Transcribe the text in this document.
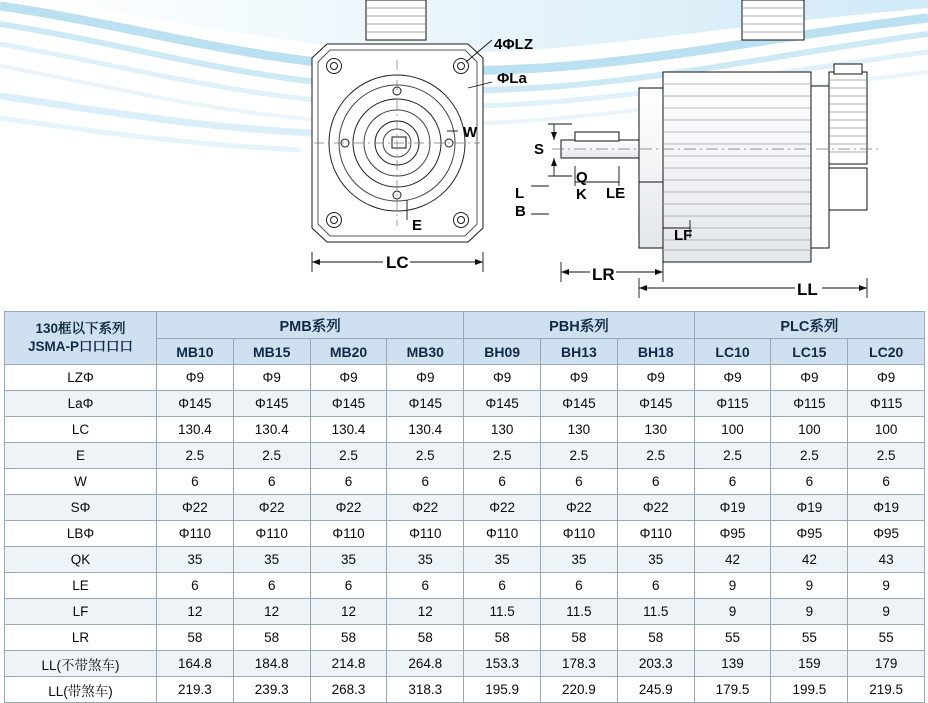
4ΦLZ
ΦLa
W
E
LC
S
Q
K
L
B
LE
LF
LR
LL
130框以下系列
JSMA-P口口口口	PMB系列				PBH系列			PLC系列		
	MB10	MB15	MB20	MB30	BH09	BH13	BH18	LC10	LC15	LC20
LZΦ	Φ9	Φ9	Φ9	Φ9	Φ9	Φ9	Φ9	Φ9	Φ9	Φ9
LaΦ	Φ145	Φ145	Φ145	Φ145	Φ145	Φ145	Φ145	Φ115	Φ115	Φ115
LC	130.4	130.4	130.4	130.4	130	130	130	100	100	100
E	2.5	2.5	2.5	2.5	2.5	2.5	2.5	2.5	2.5	2.5
W	6	6	6	6	6	6	6	6	6	6
SΦ	Φ22	Φ22	Φ22	Φ22	Φ22	Φ22	Φ22	Φ19	Φ19	Φ19
LBΦ	Φ110	Φ110	Φ110	Φ110	Φ110	Φ110	Φ110	Φ95	Φ95	Φ95
QK	35	35	35	35	35	35	35	42	42	43
LE	6	6	6	6	6	6	6	9	9	9
LF	12	12	12	12	11.5	11.5	11.5	9	9	9
LR	58	58	58	58	58	58	58	55	55	55
LL(不带煞车)	164.8	184.8	214.8	264.8	153.3	178.3	203.3	139	159	179
LL(带煞车)	219.3	239.3	268.3	318.3	195.9	220.9	245.9	179.5	199.5	219.5
